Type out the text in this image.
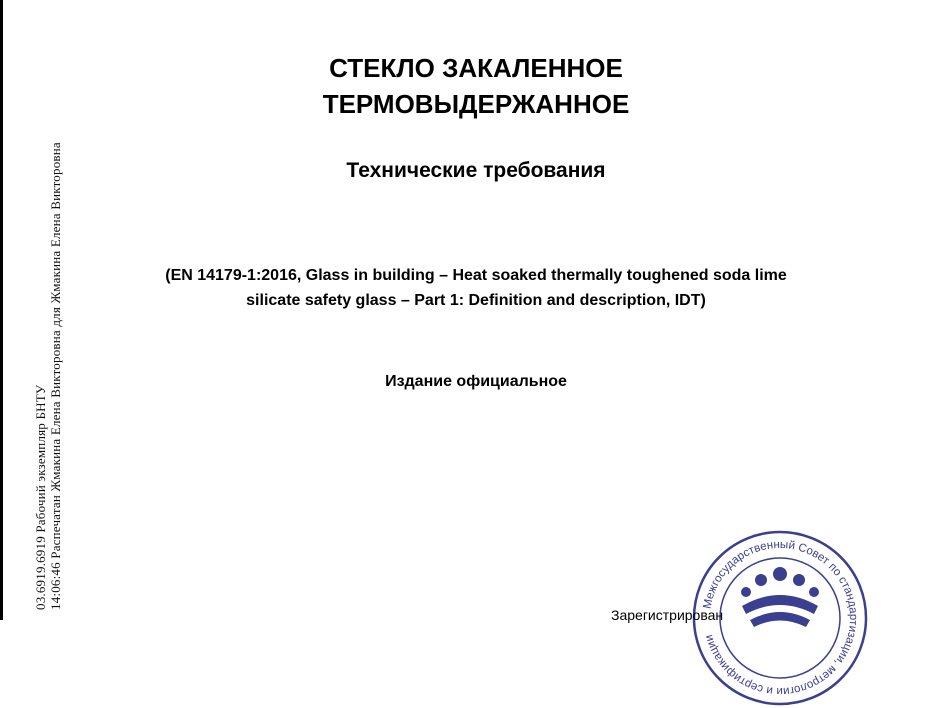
03.6919.6919 Рабочий экземпляр БНТУ 14:06:46 Распечатан Жмакина Елена Викторовна для Жмакина Елена Викторовна
СТЕКЛО ЗАКАЛЕННОЕ
ТЕРМОВЫДЕРЖАННОЕ
Технические требования
(EN 14179-1:2016, Glass in building – Heat soaked thermally toughened soda lime
silicate safety glass – Part 1: Definition and description, IDT)
Издание официальное
Межгосударственный Совет по стандартизации, метрологии и сертификации
Зарегистрирован
